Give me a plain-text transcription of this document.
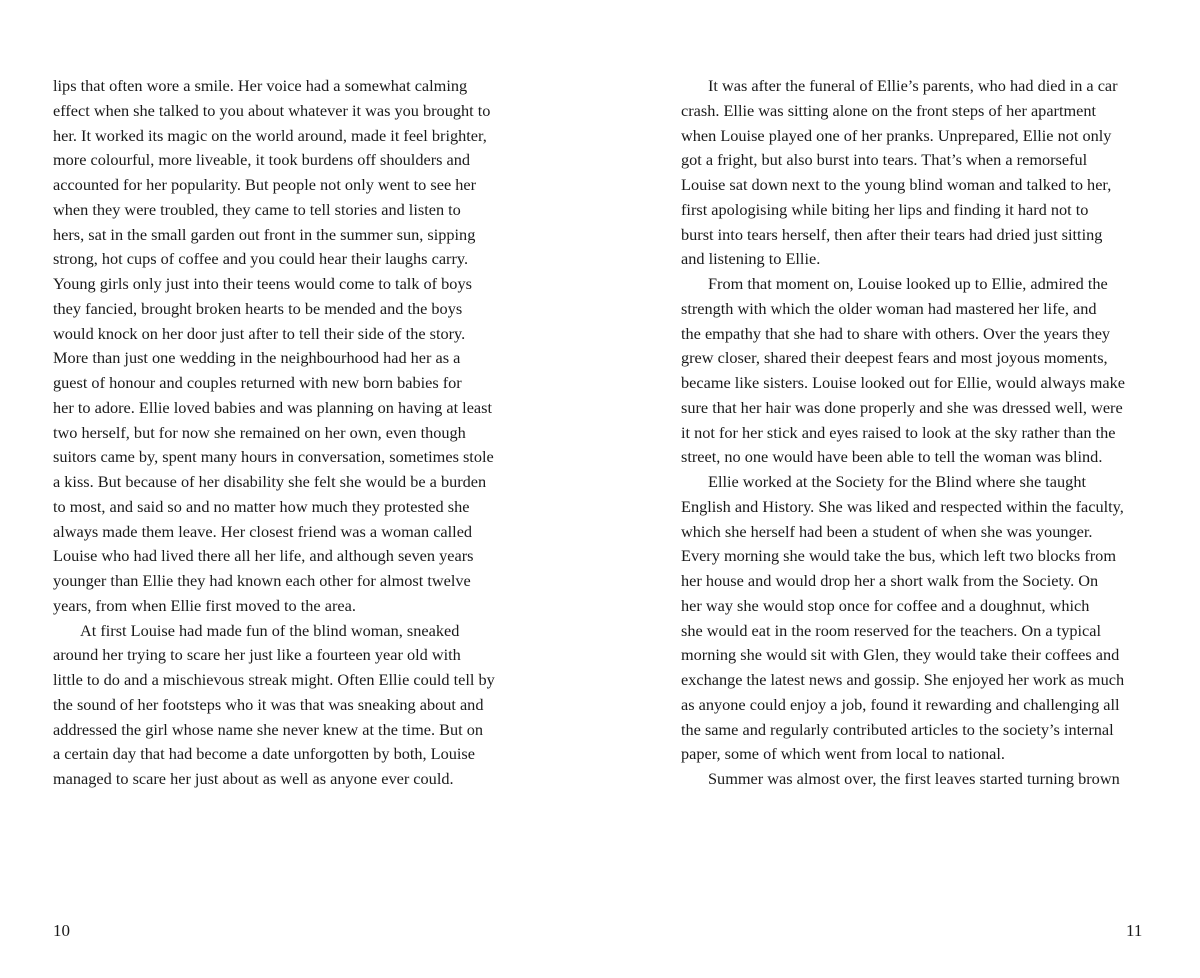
lips that often wore a smile. Her voice had a somewhat calming
effect when she talked to you about whatever it was you brought to
her. It worked its magic on the world around, made it feel brighter,
more colourful, more liveable, it took burdens off shoulders and
accounted for her popularity. But people not only went to see her
when they were troubled, they came to tell stories and listen to
hers, sat in the small garden out front in the summer sun, sipping
strong, hot cups of coffee and you could hear their laughs carry.
Young girls only just into their teens would come to talk of boys
they fancied, brought broken hearts to be mended and the boys
would knock on her door just after to tell their side of the story.
More than just one wedding in the neighbourhood had her as a
guest of honour and couples returned with new born babies for
her to adore. Ellie loved babies and was planning on having at least
two herself, but for now she remained on her own, even though
suitors came by, spent many hours in conversation, sometimes stole
a kiss. But because of her disability she felt she would be a burden
to most, and said so and no matter how much they protested she
always made them leave. Her closest friend was a woman called
Louise who had lived there all her life, and although seven years
younger than Ellie they had known each other for almost twelve
years, from when Ellie first moved to the area.
At first Louise had made fun of the blind woman, sneaked
around her trying to scare her just like a fourteen year old with
little to do and a mischievous streak might. Often Ellie could tell by
the sound of her footsteps who it was that was sneaking about and
addressed the girl whose name she never knew at the time. But on
a certain day that had become a date unforgotten by both, Louise
managed to scare her just about as well as anyone ever could.
It was after the funeral of Ellie’s parents, who had died in a car
crash. Ellie was sitting alone on the front steps of her apartment
when Louise played one of her pranks. Unprepared, Ellie not only
got a fright, but also burst into tears. That’s when a remorseful
Louise sat down next to the young blind woman and talked to her,
first apologising while biting her lips and finding it hard not to
burst into tears herself, then after their tears had dried just sitting
and listening to Ellie.
From that moment on, Louise looked up to Ellie, admired the
strength with which the older woman had mastered her life, and
the empathy that she had to share with others. Over the years they
grew closer, shared their deepest fears and most joyous moments,
became like sisters. Louise looked out for Ellie, would always make
sure that her hair was done properly and she was dressed well, were
it not for her stick and eyes raised to look at the sky rather than the
street, no one would have been able to tell the woman was blind.
Ellie worked at the Society for the Blind where she taught
English and History. She was liked and respected within the faculty,
which she herself had been a student of when she was younger.
Every morning she would take the bus, which left two blocks from
her house and would drop her a short walk from the Society. On
her way she would stop once for coffee and a doughnut, which
she would eat in the room reserved for the teachers. On a typical
morning she would sit with Glen, they would take their coffees and
exchange the latest news and gossip. She enjoyed her work as much
as anyone could enjoy a job, found it rewarding and challenging all
the same and regularly contributed articles to the society’s internal
paper, some of which went from local to national.
Summer was almost over, the first leaves started turning brown
10	11
